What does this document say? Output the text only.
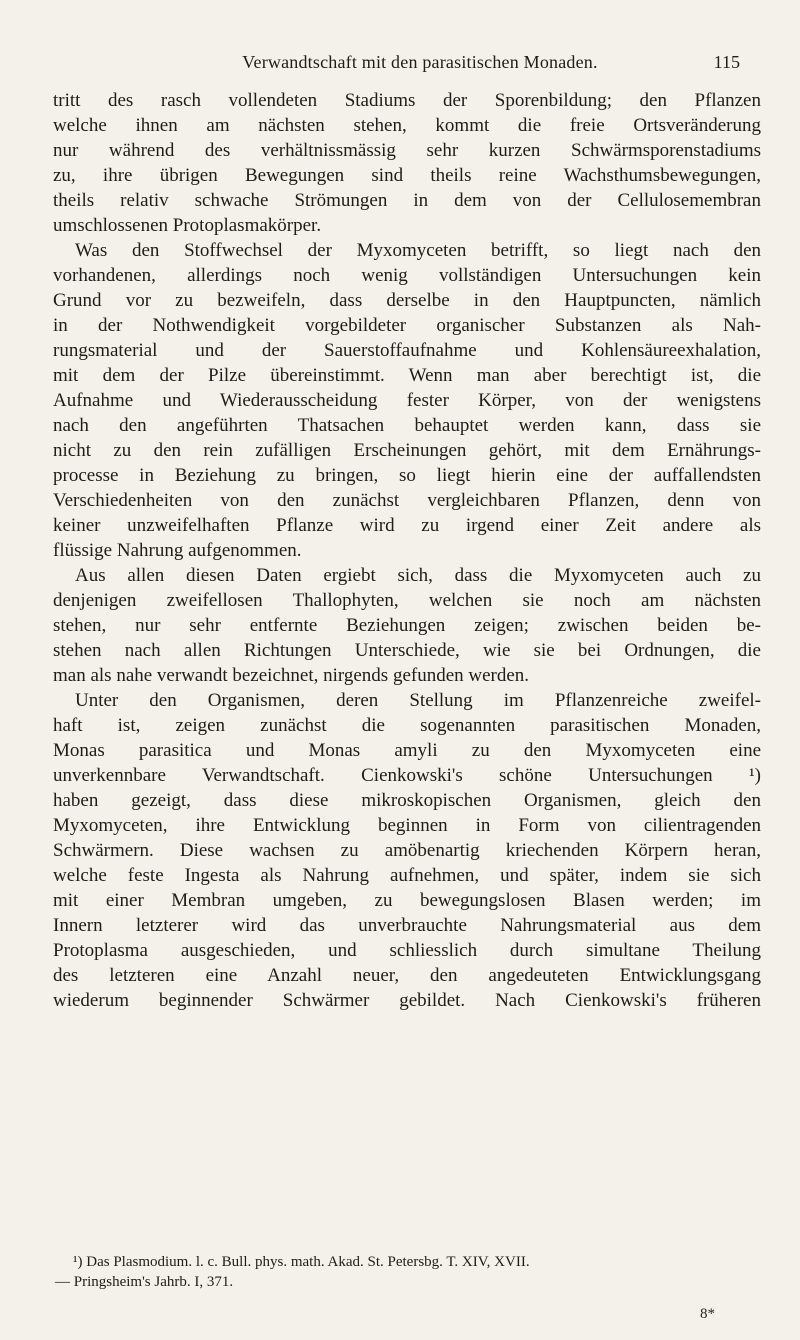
Verwandtschaft mit den parasitischen Monaden.	115
tritt des rasch vollendeten Stadiums der Sporenbildung; den Pflanzen
welche ihnen am nächsten stehen, kommt die freie Ortsveränderung
nur während des verhältnissmässig sehr kurzen Schwärmsporenstadiums
zu, ihre übrigen Bewegungen sind theils reine Wachsthumsbewegungen,
theils relativ schwache Strömungen in dem von der Cellulosemembran
umschlossenen Protoplasmakörper.
Was den Stoffwechsel der Myxomyceten betrifft, so liegt nach den
vorhandenen, allerdings noch wenig vollständigen Untersuchungen kein
Grund vor zu bezweifeln, dass derselbe in den Hauptpuncten, nämlich
in der Nothwendigkeit vorgebildeter organischer Substanzen als Nah-
rungsmaterial und der Sauerstoffaufnahme und Kohlensäureexhalation,
mit dem der Pilze übereinstimmt. Wenn man aber berechtigt ist, die
Aufnahme und Wiederausscheidung fester Körper, von der wenigstens
nach den angeführten Thatsachen behauptet werden kann, dass sie
nicht zu den rein zufälligen Erscheinungen gehört, mit dem Ernährungs-
processe in Beziehung zu bringen, so liegt hierin eine der auffallendsten
Verschiedenheiten von den zunächst vergleichbaren Pflanzen, denn von
keiner unzweifelhaften Pflanze wird zu irgend einer Zeit andere als
flüssige Nahrung aufgenommen.
Aus allen diesen Daten ergiebt sich, dass die Myxomyceten auch zu
denjenigen zweifellosen Thallophyten, welchen sie noch am nächsten
stehen, nur sehr entfernte Beziehungen zeigen; zwischen beiden be-
stehen nach allen Richtungen Unterschiede, wie sie bei Ordnungen, die
man als nahe verwandt bezeichnet, nirgends gefunden werden.
Unter den Organismen, deren Stellung im Pflanzenreiche zweifel-
haft ist, zeigen zunächst die sogenannten parasitischen Monaden,
Monas parasitica und Monas amyli zu den Myxomyceten eine
unverkennbare Verwandtschaft. Cienkowski's schöne Untersuchungen ¹)
haben gezeigt, dass diese mikroskopischen Organismen, gleich den
Myxomyceten, ihre Entwicklung beginnen in Form von cilientragenden
Schwärmern. Diese wachsen zu amöbenartig kriechenden Körpern heran,
welche feste Ingesta als Nahrung aufnehmen, und später, indem sie sich
mit einer Membran umgeben, zu bewegungslosen Blasen werden; im
Innern letzterer wird das unverbrauchte Nahrungsmaterial aus dem
Protoplasma ausgeschieden, und schliesslich durch simultane Theilung
des letzteren eine Anzahl neuer, den angedeuteten Entwicklungsgang
wiederum beginnender Schwärmer gebildet. Nach Cienkowski's früheren
¹) Das Plasmodium. l. c. Bull. phys. math. Akad. St. Petersbg. T. XIV, XVII.
— Pringsheim's Jahrb. I, 371.
8*
